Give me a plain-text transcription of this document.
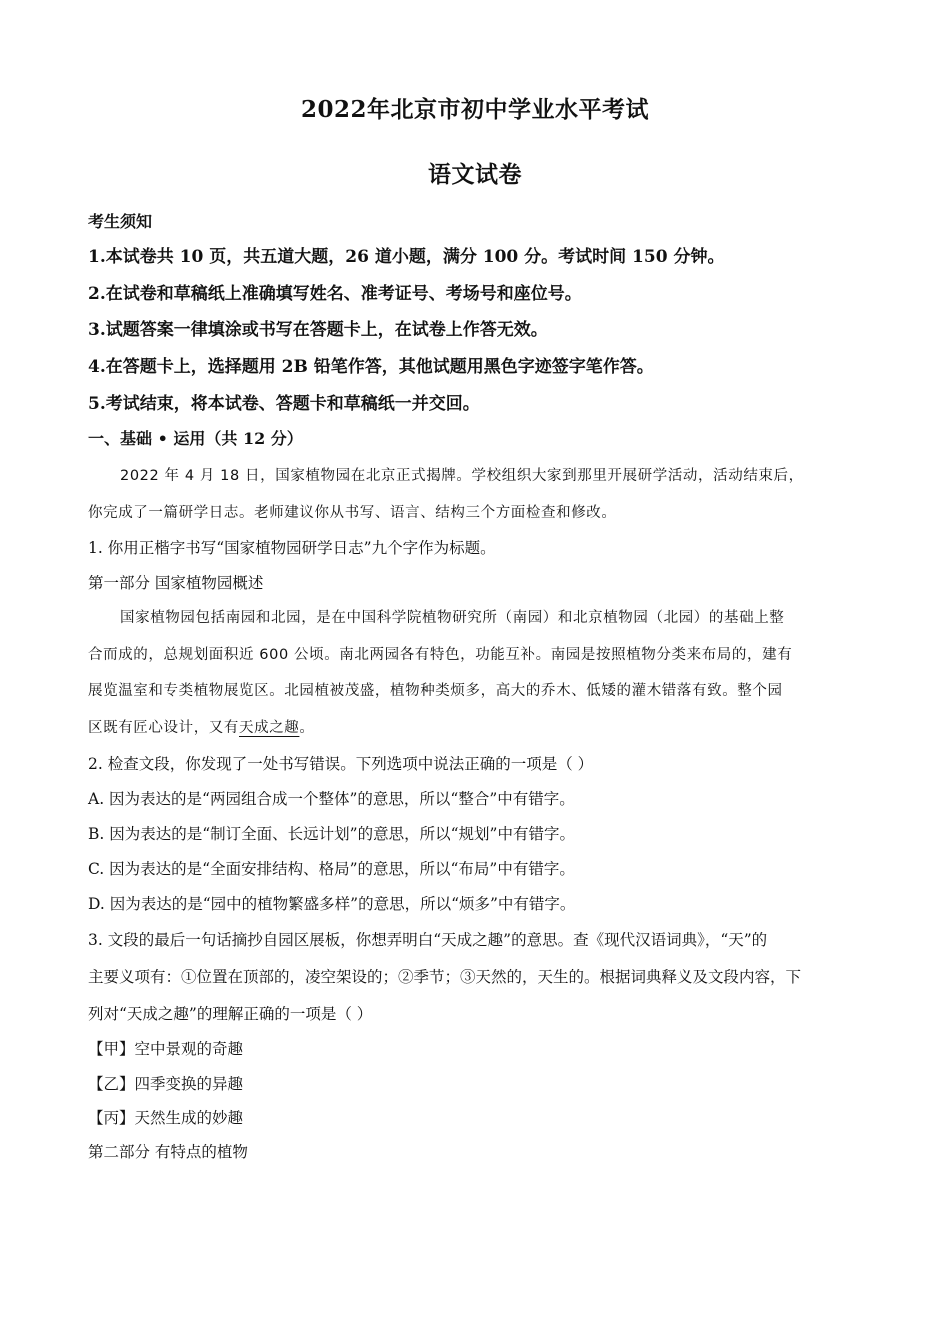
2022年北京市初中学业水平考试
语文试卷
考生须知
1.本试卷共 10 页，共五道大题，26 道小题，满分 100 分。考试时间 150 分钟。
2.在试卷和草稿纸上准确填写姓名、准考证号、考场号和座位号。
3.试题答案一律填涂或书写在答题卡上，在试卷上作答无效。
4.在答题卡上，选择题用 2B 铅笔作答，其他试题用黑色字迹签字笔作答。
5.考试结束，将本试卷、答题卡和草稿纸一并交回。
一、基础 • 运用（共 12 分）
2022 年 4 月 18 日，国家植物园在北京正式揭牌。学校组织大家到那里开展研学活动，活动结束后，
你完成了一篇研学日志。老师建议你从书写、语言、结构三个方面检查和修改。
1. 你用正楷字书写“国家植物园研学日志”九个字作为标题。
第一部分 国家植物园概述
国家植物园包括南园和北园，是在中国科学院植物研究所（南园）和北京植物园（北园）的基础上整
合而成的，总规划面积近 600 公顷。南北两园各有特色，功能互补。南园是按照植物分类来布局的，建有
展览温室和专类植物展览区。北园植被茂盛，植物种类烦多，高大的乔木、低矮的灌木错落有致。整个园
区既有匠心设计，又有天成之趣。
2. 检查文段，你发现了一处书写错误。下列选项中说法正确的一项是（ ）
A. 因为表达的是“两园组合成一个整体”的意思，所以“整合”中有错字。
B. 因为表达的是“制订全面、长远计划”的意思，所以“规划”中有错字。
C. 因为表达的是“全面安排结构、格局”的意思，所以“布局”中有错字。
D. 因为表达的是“园中的植物繁盛多样”的意思，所以“烦多”中有错字。
3. 文段的最后一句话摘抄自园区展板，你想弄明白“天成之趣”的意思。查《现代汉语词典》，“天”的
主要义项有：①位置在顶部的，凌空架设的；②季节；③天然的，天生的。根据词典释义及文段内容，下
列对“天成之趣”的理解正确的一项是（ ）
【甲】空中景观的奇趣
【乙】四季变换的异趣
【丙】天然生成的妙趣
第二部分 有特点的植物
